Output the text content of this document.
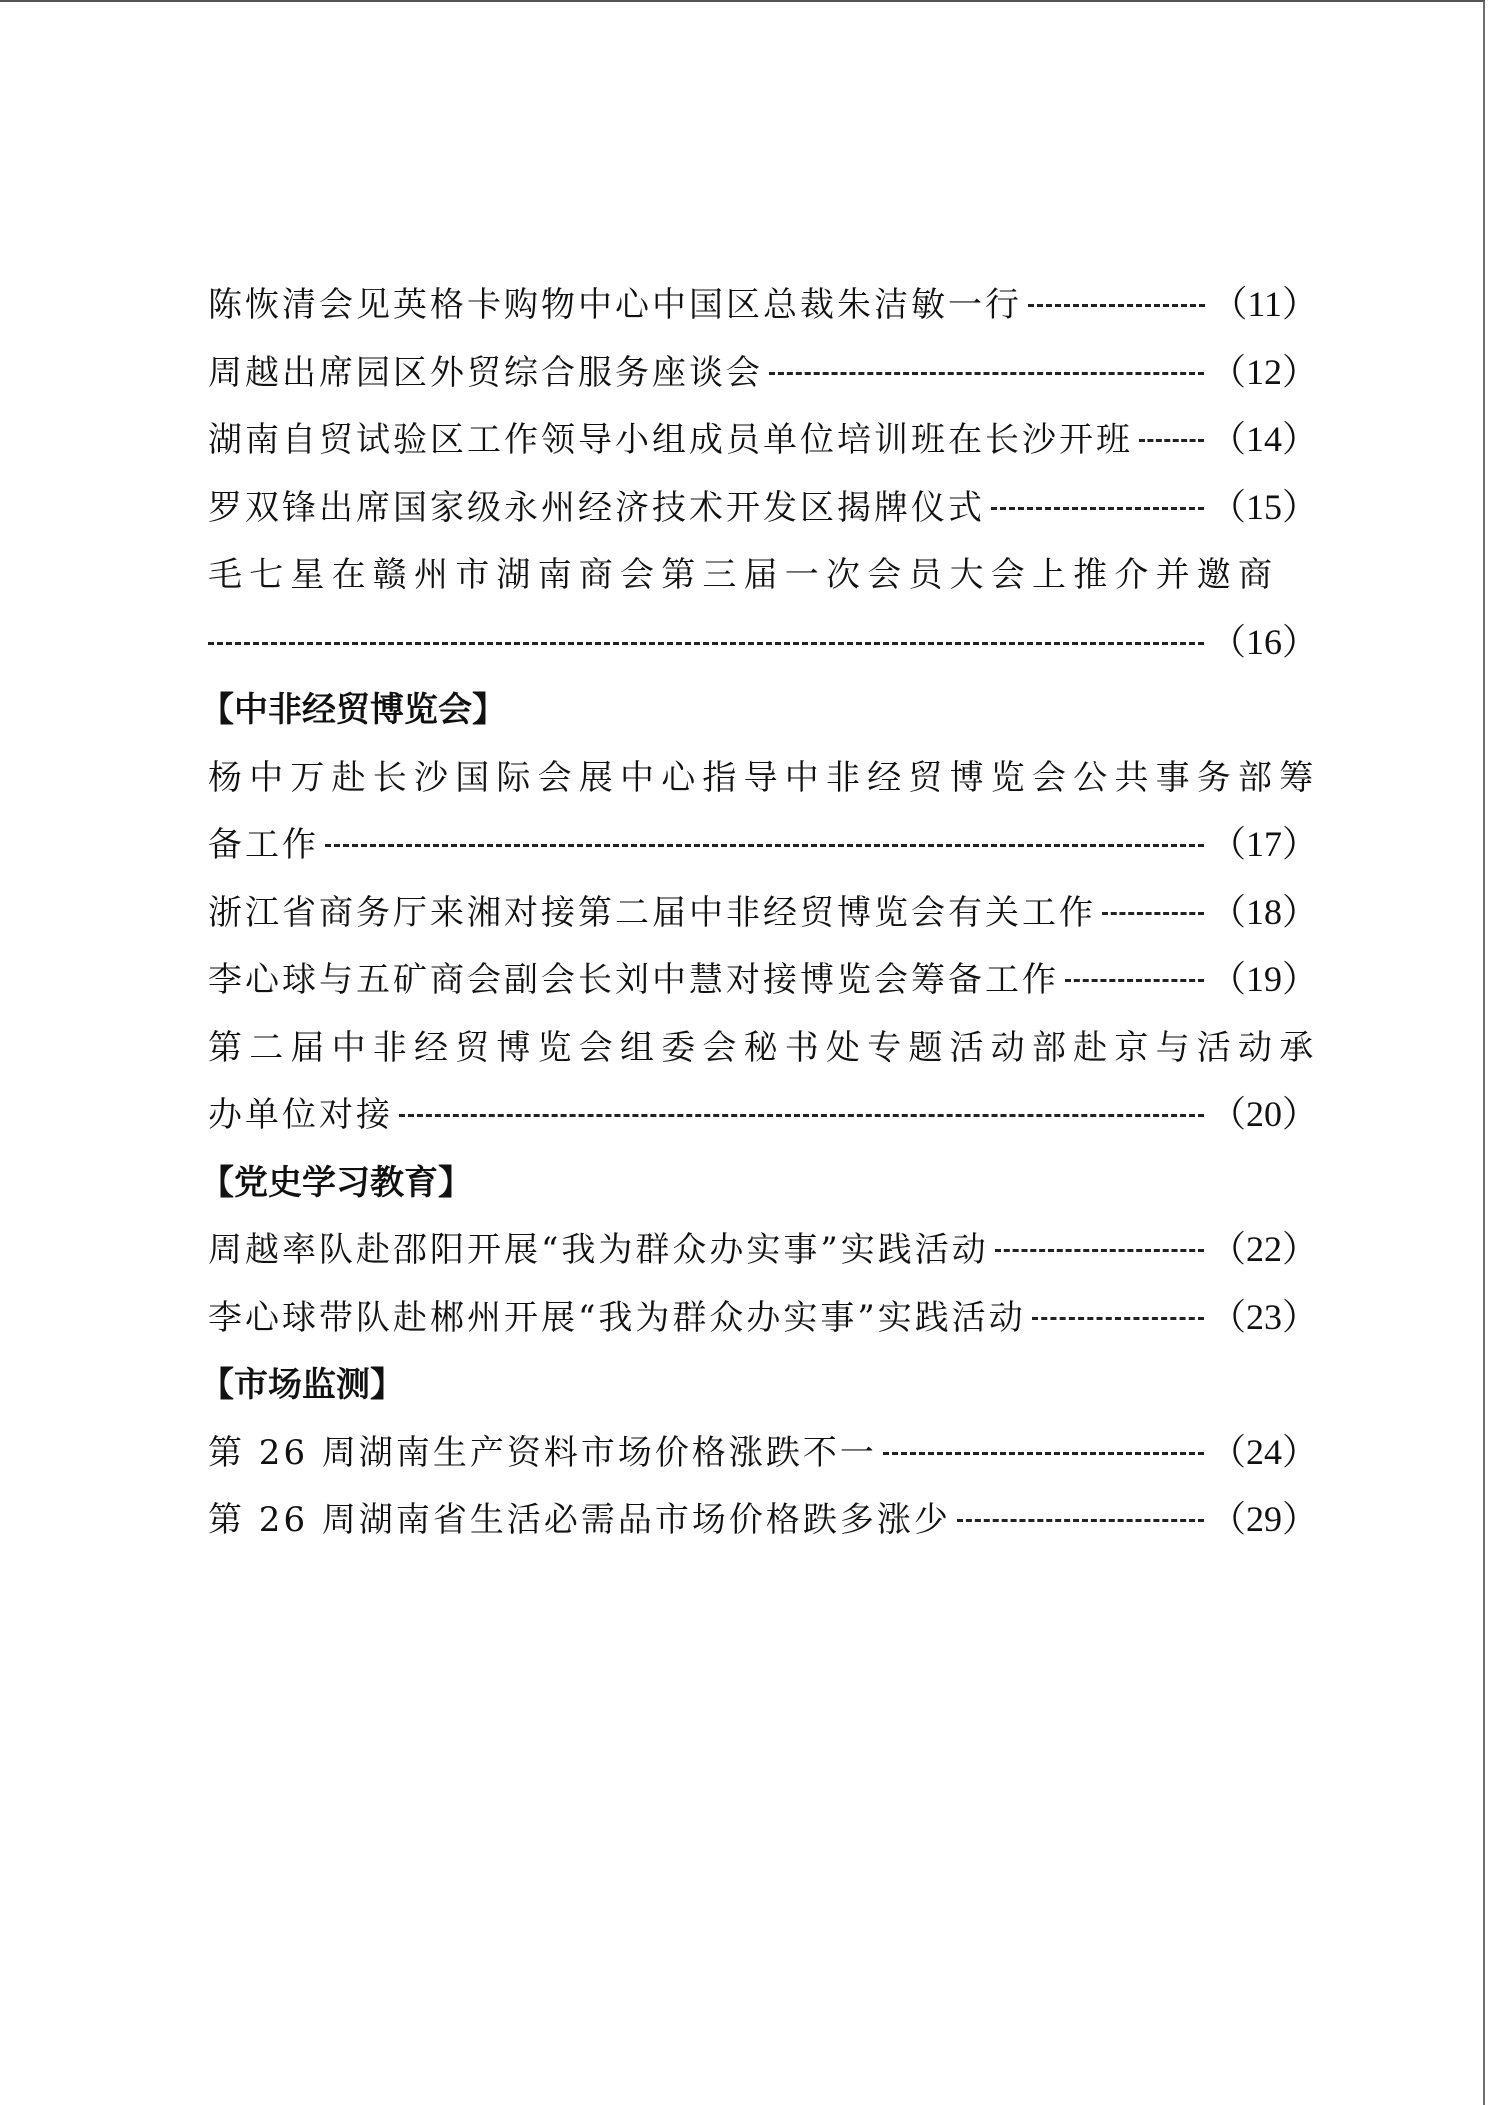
陈恢清会见英格卡购物中心中国区总裁朱洁敏一行	（11）
周越出席园区外贸综合服务座谈会	（12）
湖南自贸试验区工作领导小组成员单位培训班在长沙开班 （14）
罗双锋出席国家级永州经济技术开发区揭牌仪式	（15）
毛七星在赣州市湖南商会第三届一次会员大会上推介并邀商
（16）
【中非经贸博览会】
杨中万赴长沙国际会展中心指导中非经贸博览会公共事务部筹
备工作	（17）
浙江省商务厅来湘对接第二届中非经贸博览会有关工作	（18）
李心球与五矿商会副会长刘中慧对接博览会筹备工作	（19）
第二届中非经贸博览会组委会秘书处专题活动部赴京与活动承
办单位对接	（20）
【党史学习教育】
周越率队赴邵阳开展“我为群众办实事”实践活动	（22）
李心球带队赴郴州开展“我为群众办实事”实践活动	（23）
【市场监测】
第 26 周湖南生产资料市场价格涨跌不一	（24）
第 26 周湖南省生活必需品市场价格跌多涨少	（29）
